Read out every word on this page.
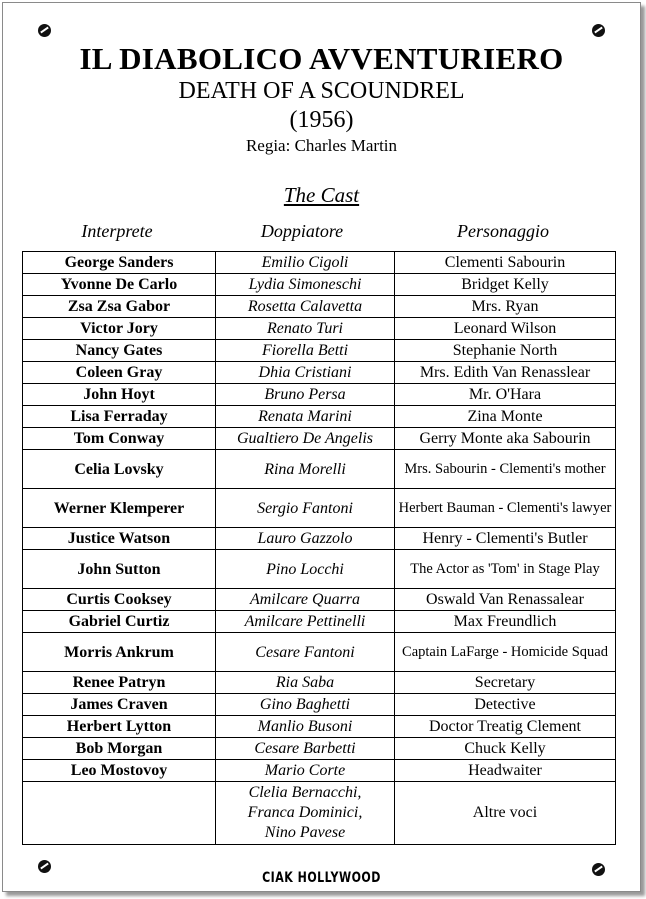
IL DIABOLICO AVVENTURIERO
DEATH OF A SCOUNDREL
(1956)
Regia: Charles Martin
The Cast
Interprete	Doppiatore	Personaggio
George Sanders	Emilio Cigoli	Clementi Sabourin
Yvonne De Carlo	Lydia Simoneschi	Bridget Kelly
Zsa Zsa Gabor	Rosetta Calavetta	Mrs. Ryan
Victor Jory	Renato Turi	Leonard Wilson
Nancy Gates	Fiorella Betti	Stephanie North
Coleen Gray	Dhia Cristiani	Mrs. Edith Van Renasslear
John Hoyt	Bruno Persa	Mr. O'Hara
Lisa Ferraday	Renata Marini	Zina Monte
Tom Conway	Gualtiero De Angelis	Gerry Monte aka Sabourin
Celia Lovsky	Rina Morelli	Mrs. Sabourin - Clementi's mother
Werner Klemperer	Sergio Fantoni	Herbert Bauman - Clementi's lawyer
Justice Watson	Lauro Gazzolo	Henry - Clementi's Butler
John Sutton	Pino Locchi	The Actor as 'Tom' in Stage Play
Curtis Cooksey	Amilcare Quarra	Oswald Van Renassalear
Gabriel Curtiz	Amilcare Pettinelli	Max Freundlich
Morris Ankrum	Cesare Fantoni	Captain LaFarge - Homicide Squad
Renee Patryn	Ria Saba	Secretary
James Craven	Gino Baghetti	Detective
Herbert Lytton	Manlio Busoni	Doctor Treatig Clement
Bob Morgan	Cesare Barbetti	Chuck Kelly
Leo Mostovoy	Mario Corte	Headwaiter

	Clelia Bernacchi,
Franca Dominici,
Nino Pavese	Altre voci
CIAK HOLLYWOOD
